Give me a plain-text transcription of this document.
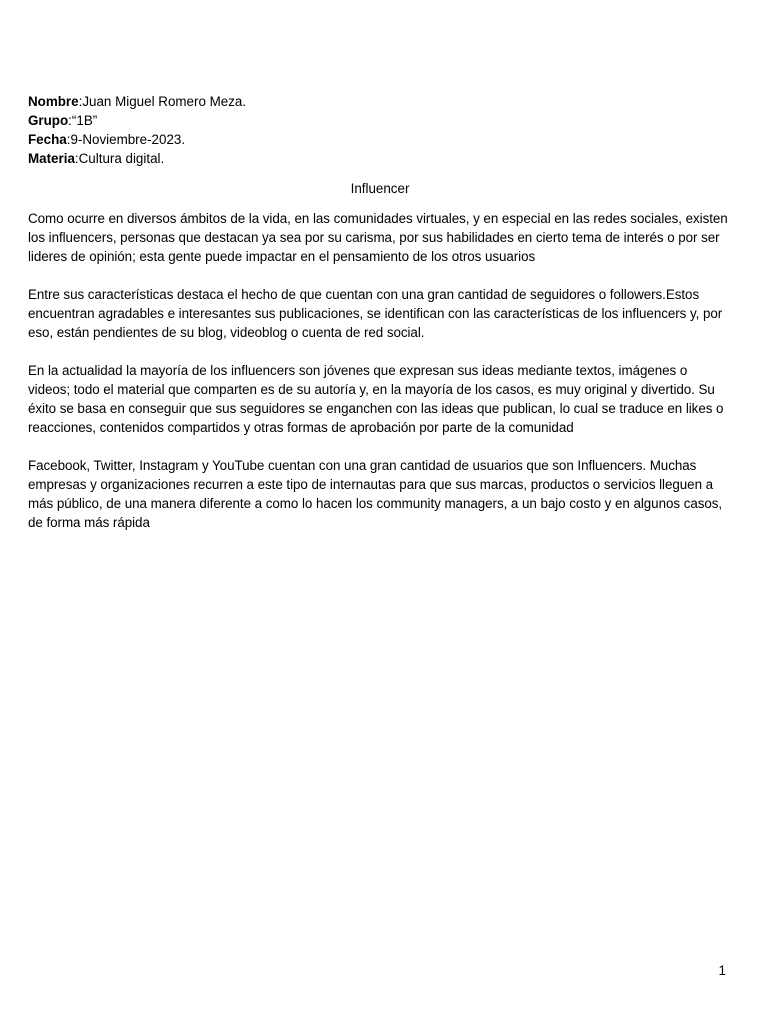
Nombre:Juan Miguel Romero Meza.

Grupo:“1B”

Fecha:9-Noviembre-2023.

Materia:Cultura digital.

Influencer

Como ocurre en diversos ámbitos de la vida, en las comunidades virtuales, y en especial en las redes sociales, existen los influencers, personas que destacan ya sea por su carisma, por sus habilidades en cierto tema de interés o por ser lideres de opinión; esta gente puede impactar en el pensamiento de los otros usuarios

Entre sus características destaca el hecho de que cuentan con una gran cantidad de seguidores o followers.Estos encuentran agradables e interesantes sus publicaciones, se identifican con las características de los influencers y, por eso, están pendientes de su blog, videoblog o cuenta de red social.

En la actualidad la mayoría de los influencers son jóvenes que expresan sus ideas mediante textos, imágenes o videos; todo el material que comparten es de su autoría y, en la mayoría de los casos, es muy original y divertido. Su éxito se basa en conseguir que sus seguidores se enganchen con las ideas que publican, lo cual se traduce en likes o reacciones, contenidos compartidos y otras formas de aprobación por parte de la comunidad

Facebook, Twitter, Instagram y YouTube cuentan con una gran cantidad de usuarios que son Influencers. Muchas empresas y organizaciones recurren a este tipo de internautas para que sus marcas, productos o servicios lleguen a más público, de una manera diferente a como lo hacen los community managers, a un bajo costo y en algunos casos, de forma más rápida

1
